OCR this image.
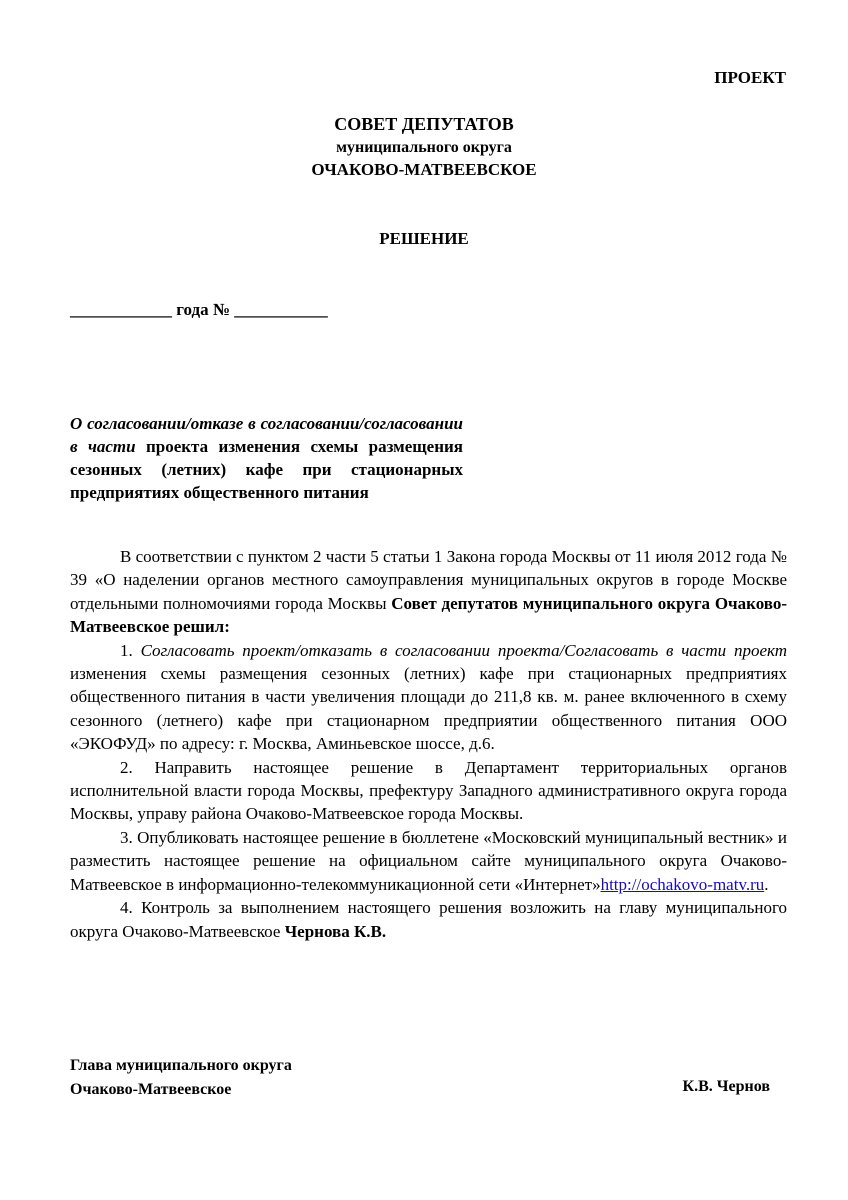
ПРОЕКТ
СОВЕТ ДЕПУТАТОВ
муниципального округа
ОЧАКОВО-МАТВЕЕВСКОЕ
РЕШЕНИЕ
____________ года № ___________
О согласовании/отказе в согласовании/согласовании в части проекта изменения схемы размещения сезонных (летних) кафе при стационарных
предприятиях общественного питания

В соответствии с пунктом 2 части 5 статьи 1 Закона города Москвы от 11 июля 2012 года № 39 «О наделении органов местного самоуправления муниципальных округов в городе Москве отдельными полномочиями города Москвы Совет депутатов муниципального округа Очаково-Матвеевское решил:

1. Согласовать проект/отказать в согласовании проекта/Согласовать в части проект изменения схемы размещения сезонных (летних) кафе при стационарных предприятиях общественного питания в части увеличения площади до 211,8 кв. м. ранее включенного в схему сезонного (летнего) кафе при стационарном предприятии общественного питания ООО «ЭКОФУД» по адресу: г. Москва, Аминьевское шоссе, д.6.

2. Направить настоящее решение в Департамент территориальных органов исполнительной власти города Москвы, префектуру Западного административного округа города Москвы, управу района Очаково-Матвеевское города Москвы.

3. Опубликовать настоящее решение в бюллетене «Московский муниципальный вестник» и разместить настоящее решение на официальном сайте муниципального округа Очаково-Матвеевское в информационно-телекоммуникационной сети «Интернет»http://ochakovo-matv.ru.

4. Контроль за выполнением настоящего решения возложить на главу муниципального округа Очаково-Матвеевское Чернова К.В.

Глава муниципального округа
Очаково-Матвеевское	К.В. Чернов
